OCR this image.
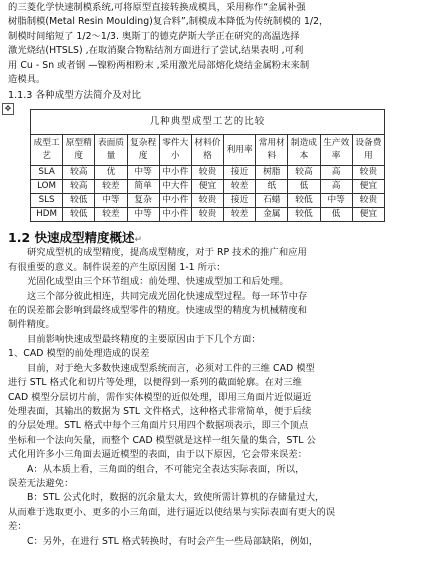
的三菱化学快速制模系统,可将原型直接转换成模具，采用称作“金属补强
树脂制模(Metal Resin Moulding)复合料”,制模成本降低为传统制模的 1/2，
制模时间缩短了 1/2～1/3. 奥斯丁的德克萨斯大学正在研究的高温选择
激光烧结(HTSLS) ,在取消聚合物粘结剂方面进行了尝试,结果表明 ,可利
用 Cu - Sn 或者钢 —镍粉两相粉末 ,采用激光局部熔化烧结金属粉末来制
造模具。
1.1.3 各种成型方法简介及对比
✥
几种典型成型工艺的比较
成型工艺	原型精度	表面质量	复杂程度	零件大小	材料价格	利用率	常用材料	制造成本	生产效率	设备费用
SLA	较高	优	中等	中小件	较贵	接近	树脂	较高	高	较贵
LOM	较高	较差	简单	中大件	便宜	较差	纸	低	高	便宜
SLS	较低	中等	复杂	中小件	较贵	接近	石蜡	较低	中等	较贵
HDM	较低	较差	中等	中小件	较贵	较差	金属	较低	低	便宜
1.2 快速成型精度概述↵
研究成型机的成型精度，提高成型精度，对于 RP 技术的推广和应用
有很重要的意义。制件误差的产生原因图 1-1 所示：
光固化成型由三个环节组成：前处理、快速成型加工和后处理。
这三个部分彼此相连，共同完成光固化快速成型过程。每一环节中存
在的误差都会影响到最终成型零件的精度。快速成型的精度为机械精度和
制件精度。
目前影响快速成型最终精度的主要原因由于下几个方面：
1、CAD 模型的前处理造成的误差
目前，对于绝大多数快速成型系统而言，必须对工件的三维 CAD 模型
进行 STL 格式化和切片等处理，以便得到一系列的截面轮廓。在对三维
CAD 模型分层切片前，需作实体模型的近似处理，即用三角面片近似逼近
处理表面，其输出的数据为 STL 文件格式，这种格式非常简单，便于后续
的分层处理。STL 格式中每个三角面片只用四个数据项表示，即三个顶点
坐标和一个法向矢量，而整个 CAD 模型就是这样一组矢量的集合，STL 公
式化用许多小三角面去逼近模型的表面，由于以下原因，它会带来误差：
A：从本质上看，三角面的组合，不可能完全表达实际表面，所以，
误差无法避免：
B：STL 公式化时，数据的沉余量太大，致使所需计算机的存储量过大，
从而难于选取更小、更多的小三角面，进行逼近以使结果与实际表面有更大的误
差：
C：另外，在进行 STL 格式转换时，有时会产生一些局部缺陷，例如，
